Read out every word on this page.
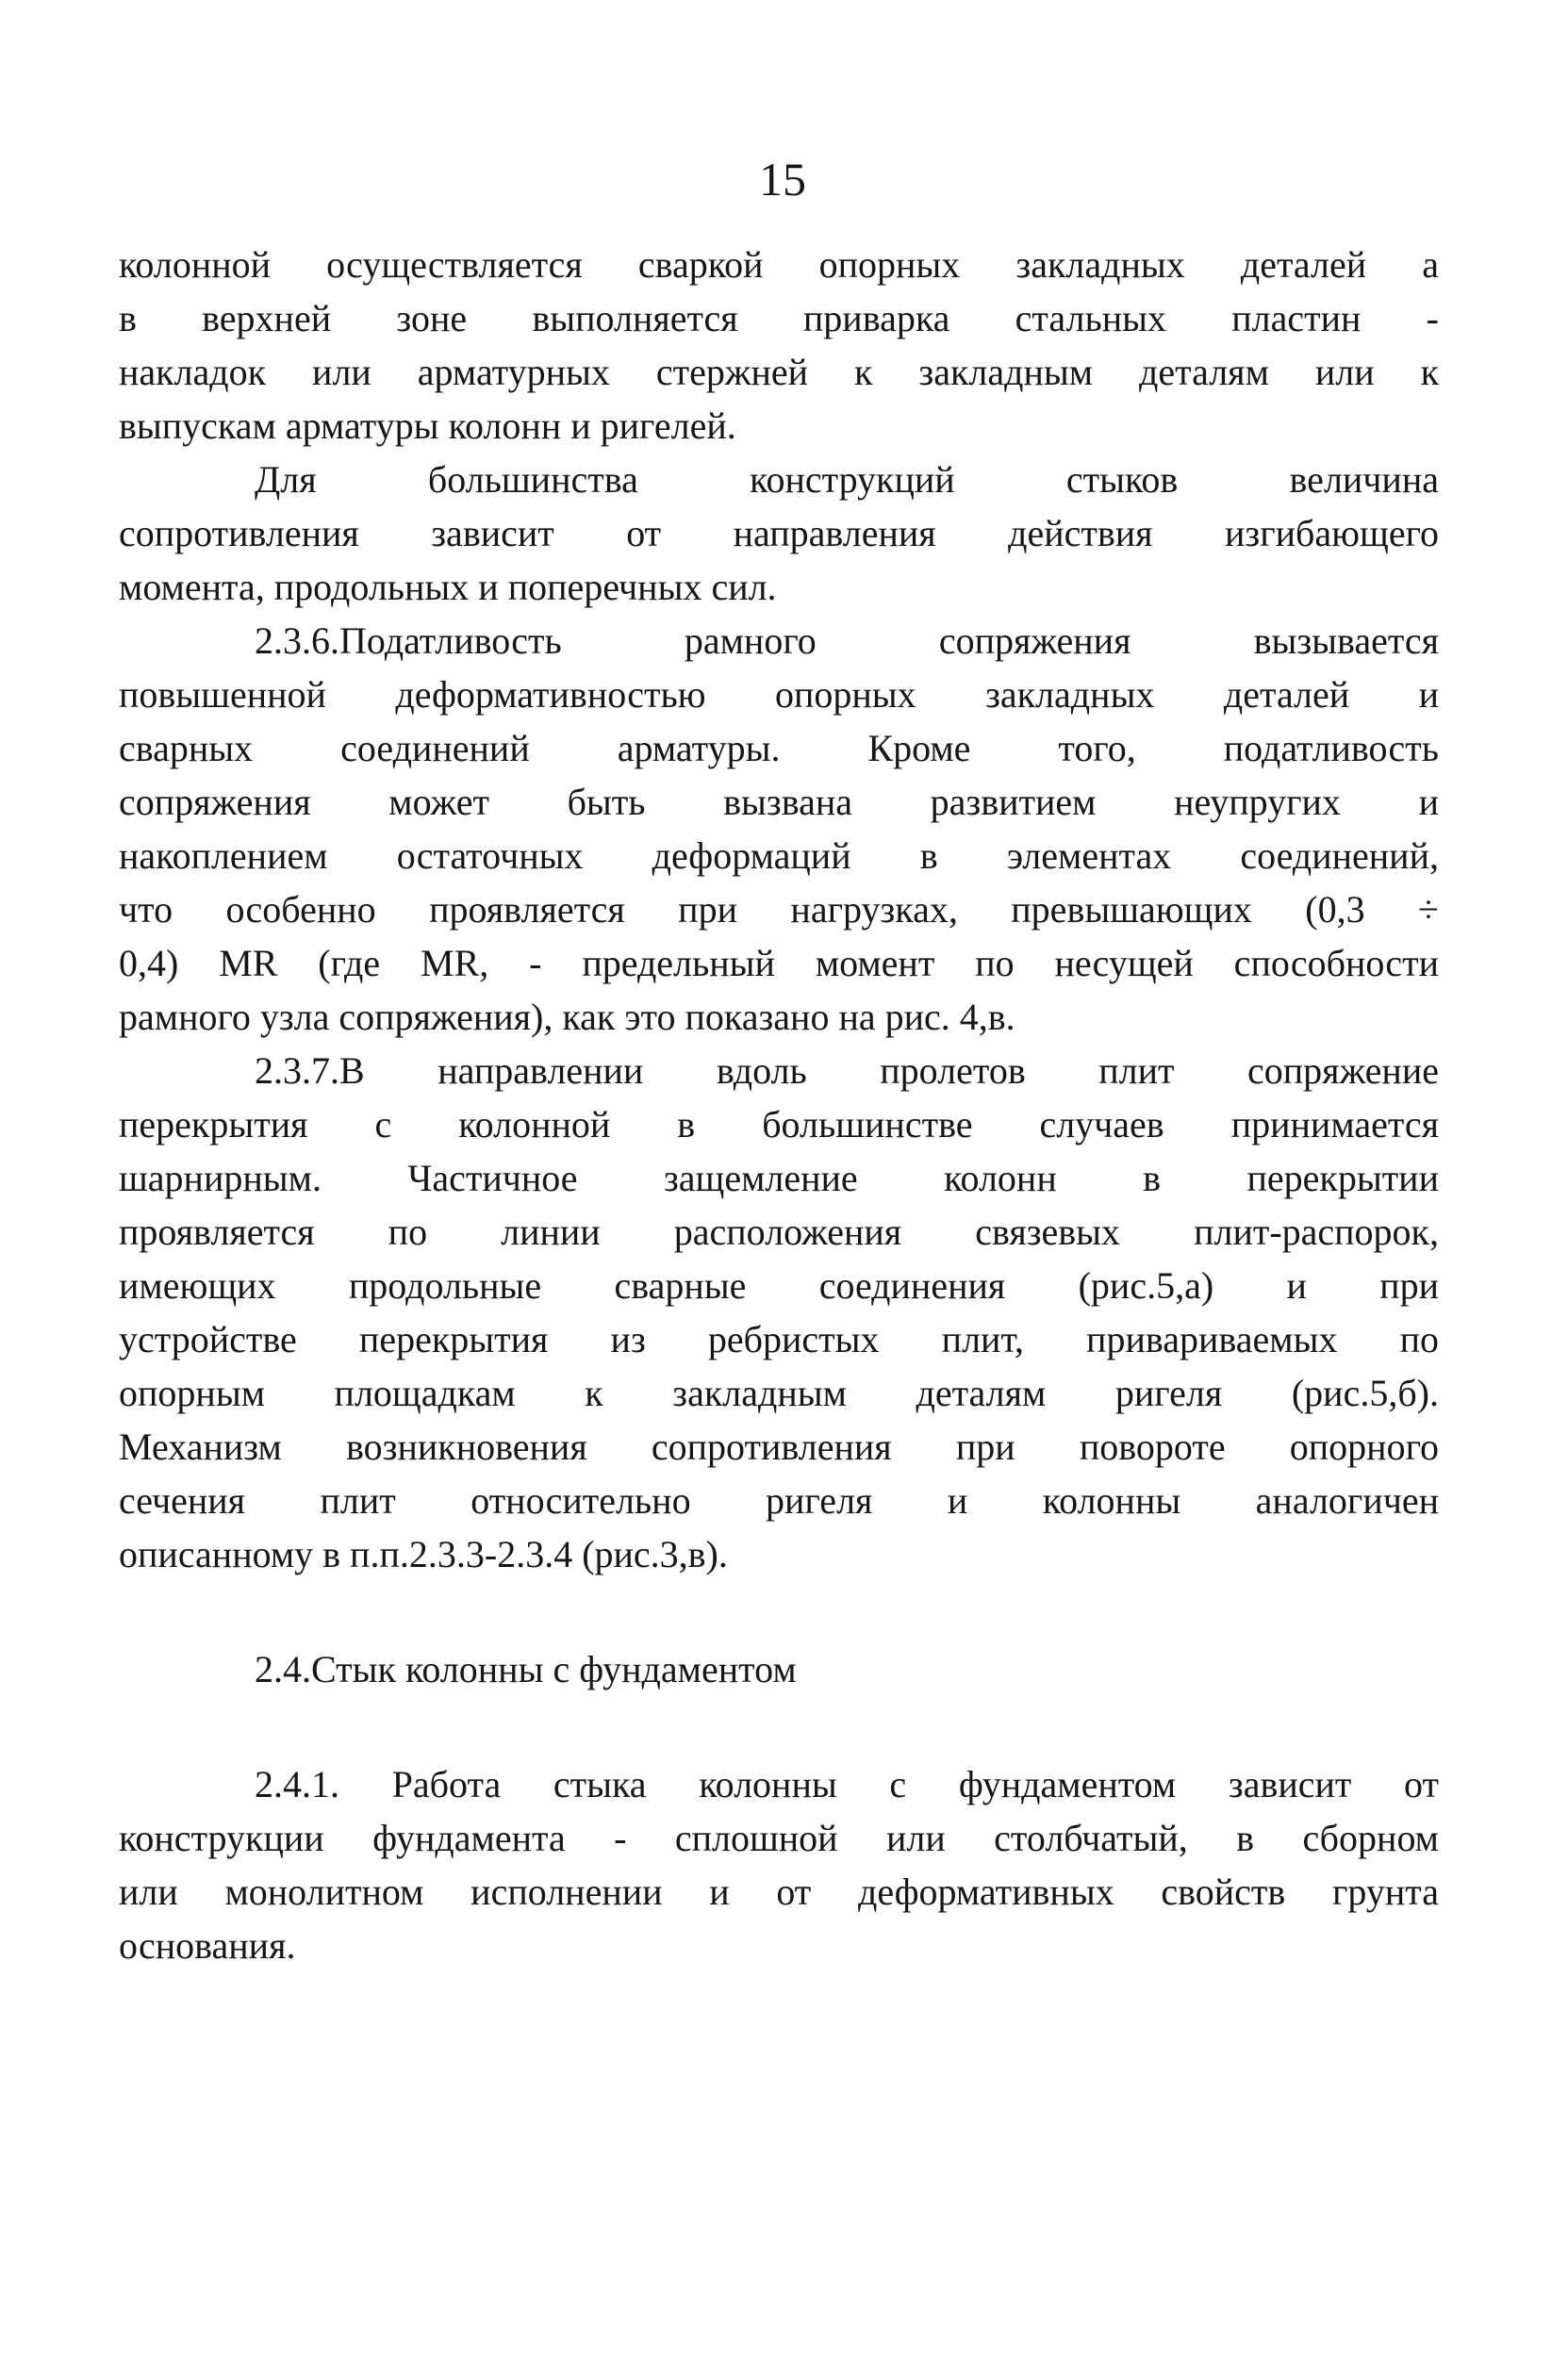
15
колонной осуществляется сваркой опорных закладных деталей а
в верхней зоне выполняется приварка стальных пластин -
накладок или арматурных стержней к закладным деталям или к
выпускам арматуры колонн и ригелей.
Для большинства конструкций стыков величина
сопротивления зависит от направления действия изгибающего
момента, продольных и поперечных сил.
2.3.6.Податливость рамного сопряжения вызывается
повышенной деформативностью опорных закладных деталей и
сварных соединений арматуры. Кроме того, податливость
сопряжения может быть вызвана развитием неупругих и
накоплением остаточных деформаций в элементах соединений,
что особенно проявляется при нагрузках, превышающих (0,3 ÷
0,4) MR (где MR, - предельный момент по несущей способности
рамного узла сопряжения), как это показано на рис. 4,в.
2.3.7.В направлении вдоль пролетов плит сопряжение
перекрытия с колонной в большинстве случаев принимается
шарнирным. Частичное защемление колонн в перекрытии
проявляется по линии расположения связевых плит-распорок,
имеющих продольные сварные соединения (рис.5,а) и при
устройстве перекрытия из ребристых плит, привариваемых по
опорным площадкам к закладным деталям ригеля (рис.5,б).
Механизм возникновения сопротивления при повороте опорного
сечения плит относительно ригеля и колонны аналогичен
описанному в п.п.2.3.3-2.3.4 (рис.3,в).
2.4.Стык колонны с фундаментом
2.4.1. Работа стыка колонны с фундаментом зависит от
конструкции фундамента - сплошной или столбчатый, в сборном
или монолитном исполнении и от деформативных свойств грунта
основания.
